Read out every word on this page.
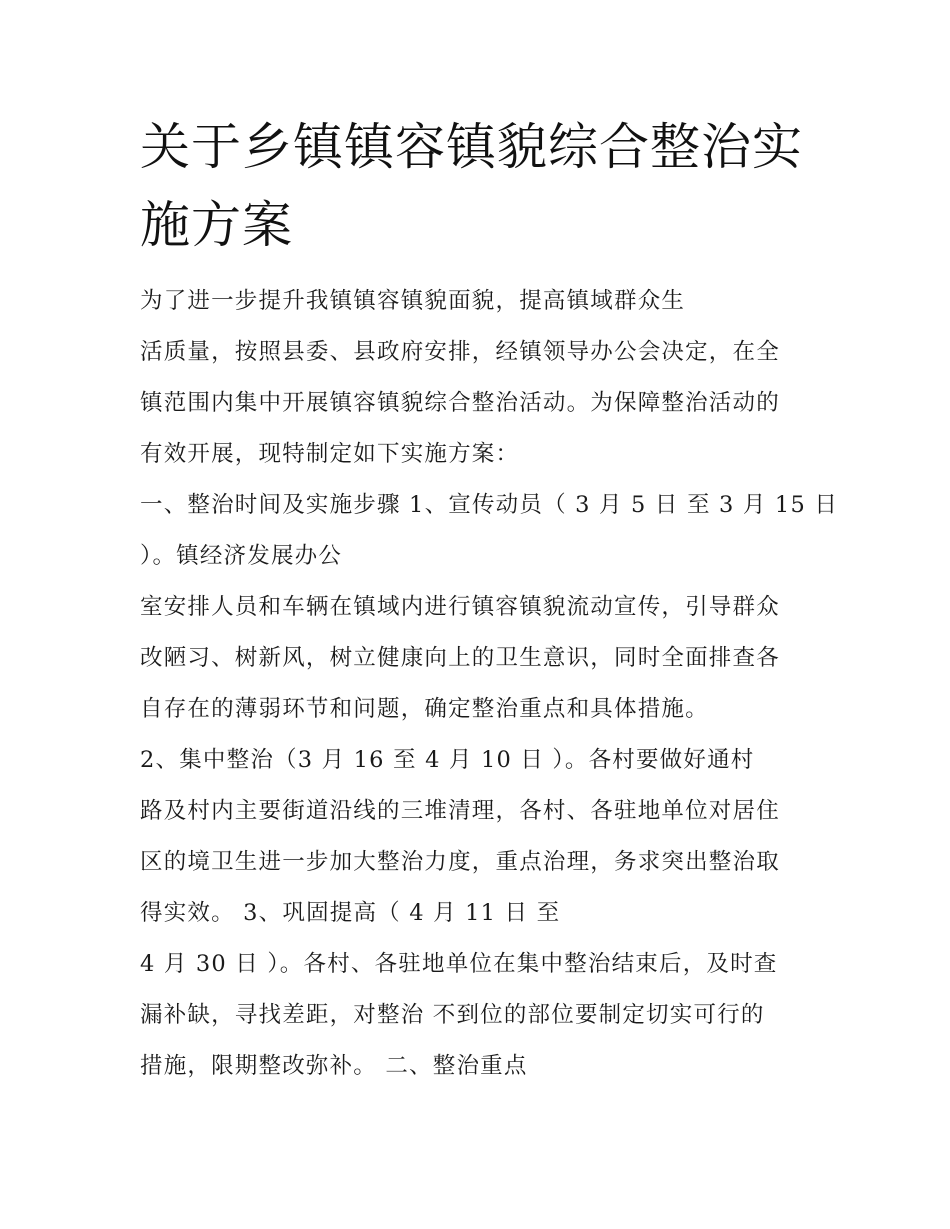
关于乡镇镇容镇貌综合整治实
施方案
为了进一步提升我镇镇容镇貌面貌，提高镇域群众生
活质量，按照县委、县政府安排，经镇领导办公会决定，在全
镇范围内集中开展镇容镇貌综合整治活动。为保障整治活动的
有效开展，现特制定如下实施方案：
一、整治时间及实施步骤 1、宣传动员（ 3 月 5 日 至 3 月 15 日
）。镇经济发展办公
室安排人员和车辆在镇域内进行镇容镇貌流动宣传，引导群众
改陋习、树新风，树立健康向上的卫生意识，同时全面排查各
自存在的薄弱环节和问题，确定整治重点和具体措施。
2、集中整治（3 月 16 至 4 月 10 日 ）。各村要做好通村
路及村内主要街道沿线的三堆清理，各村、各驻地单位对居住
区的境卫生进一步加大整治力度，重点治理，务求突出整治取
得实效。 3、巩固提高（ 4 月 11 日 至
4 月 30 日 ）。各村、各驻地单位在集中整治结束后，及时查
漏补缺，寻找差距，对整治 不到位的部位要制定切实可行的
措施，限期整改弥补。 二、整治重点
